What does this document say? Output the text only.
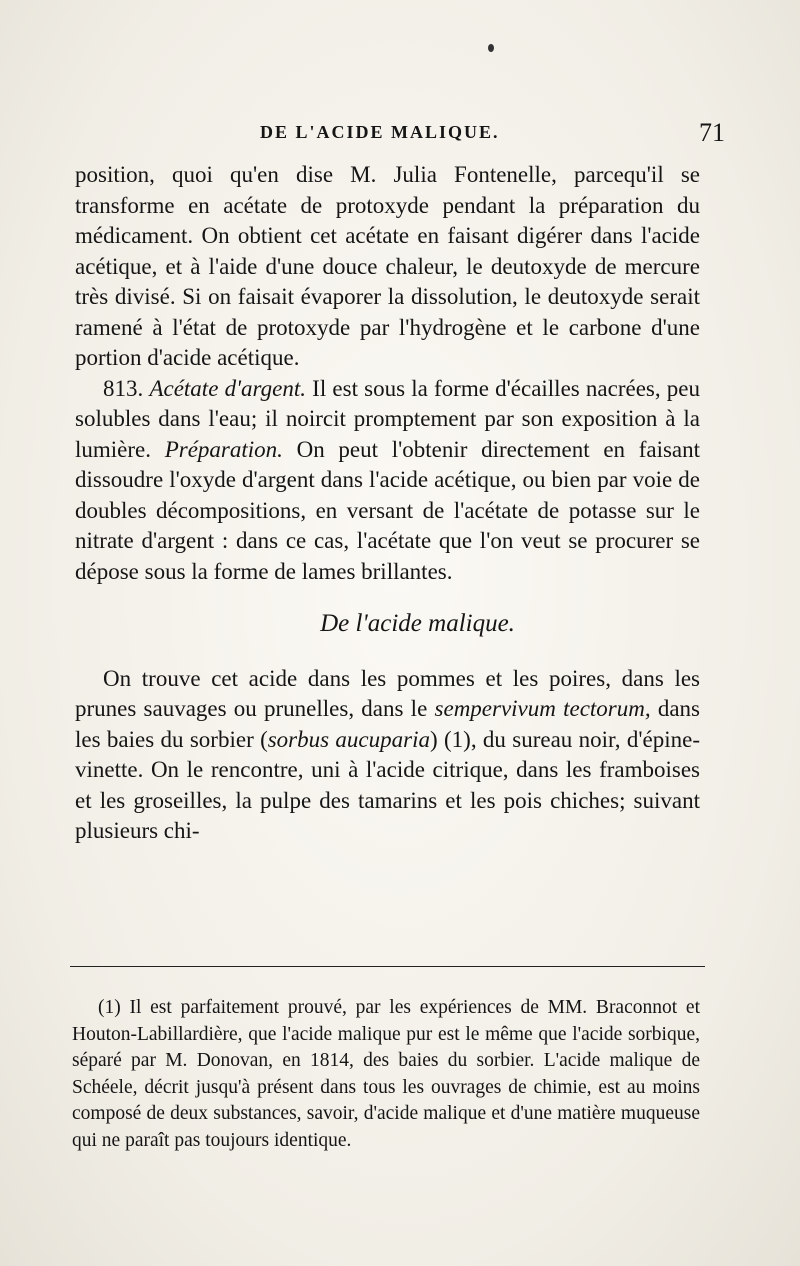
DE L'ACIDE MALIQUE.	71

position, quoi qu'en dise M. Julia Fontenelle, parcequ'il se transforme en acétate de protoxyde pendant la préparation du médicament. On obtient cet acétate en faisant digérer dans l'acide acétique, et à l'aide d'une douce chaleur, le deutoxyde de mercure très divisé. Si on faisait évaporer la dissolution, le deutoxyde serait ramené à l'état de protoxyde par l'hydrogène et le carbone d'une portion d'acide acétique.

813. Acétate d'argent. Il est sous la forme d'écailles nacrées, peu solubles dans l'eau; il noircit promptement par son exposition à la lumière. Préparation. On peut l'obtenir directement en faisant dissoudre l'oxyde d'argent dans l'acide acétique, ou bien par voie de doubles décompositions, en versant de l'acétate de potasse sur le nitrate d'argent : dans ce cas, l'acétate que l'on veut se procurer se dépose sous la forme de lames brillantes.

De l'acide malique.

On trouve cet acide dans les pommes et les poires, dans les prunes sauvages ou prunelles, dans le sempervivum tectorum, dans les baies du sorbier (sorbus aucuparia) (1), du sureau noir, d'épine-vinette. On le rencontre, uni à l'acide citrique, dans les framboises et les groseilles, la pulpe des tamarins et les pois chiches; suivant plusieurs chi-

(1) Il est parfaitement prouvé, par les expériences de MM. Braconnot et Houton-Labillardière, que l'acide malique pur est le même que l'acide sorbique, séparé par M. Donovan, en 1814, des baies du sorbier. L'acide malique de Schéele, décrit jusqu'à présent dans tous les ouvrages de chimie, est au moins composé de deux substances, savoir, d'acide malique et d'une matière muqueuse qui ne paraît pas toujours identique.
